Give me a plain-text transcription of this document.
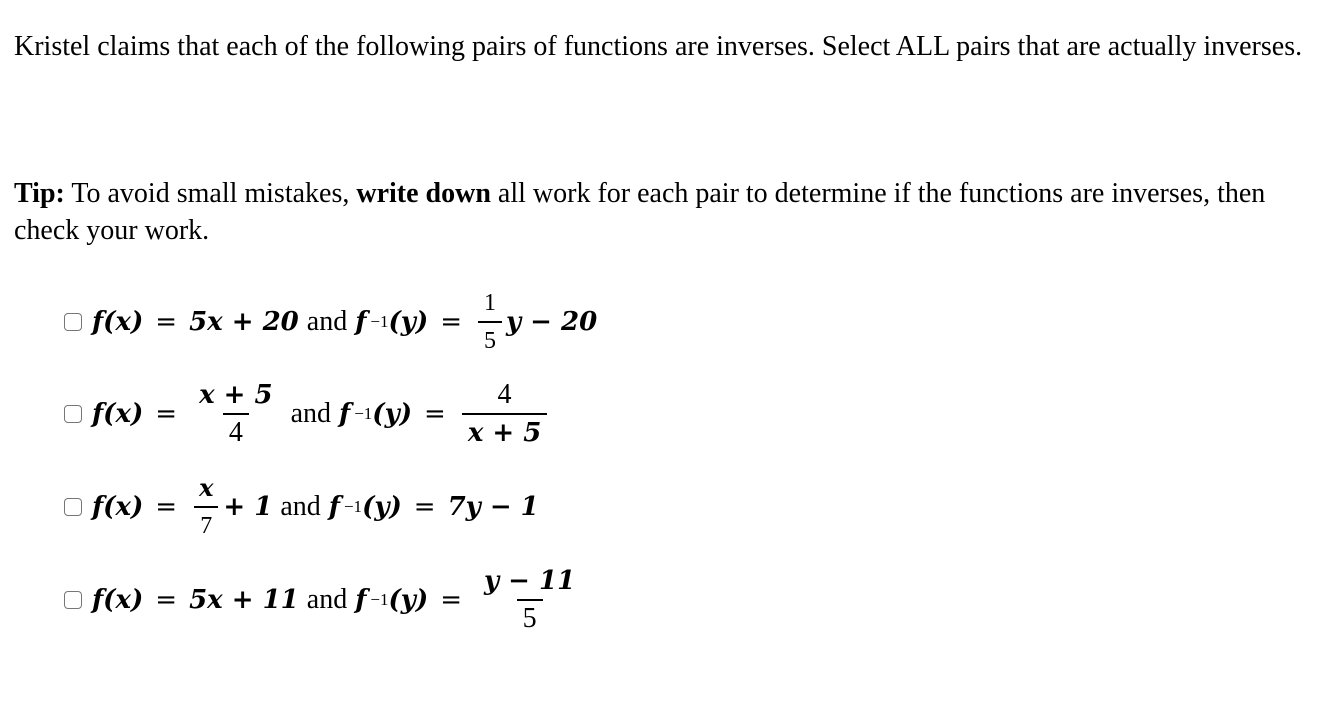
Kristel claims that each of the following pairs of functions are inverses. Select ALL pairs that are actually inverses.

Tip: To avoid small mistakes, write down all work for each pair to determine if the functions are inverses, then check your work.

f(x) = 5x + 20 and f −1 $(y) = \frac{1}{5}$ y − 20
$f(x) = \frac{x + 5}{4}$ and f −1 $(y) = \frac{4}{x + 5}$
$f(x) = \frac{x}{7} + 1$ and f −1 (y) = 7y − 1
f(x) = 5x + 11 and f −1 $(y) = \frac{y - 11}{5}$
